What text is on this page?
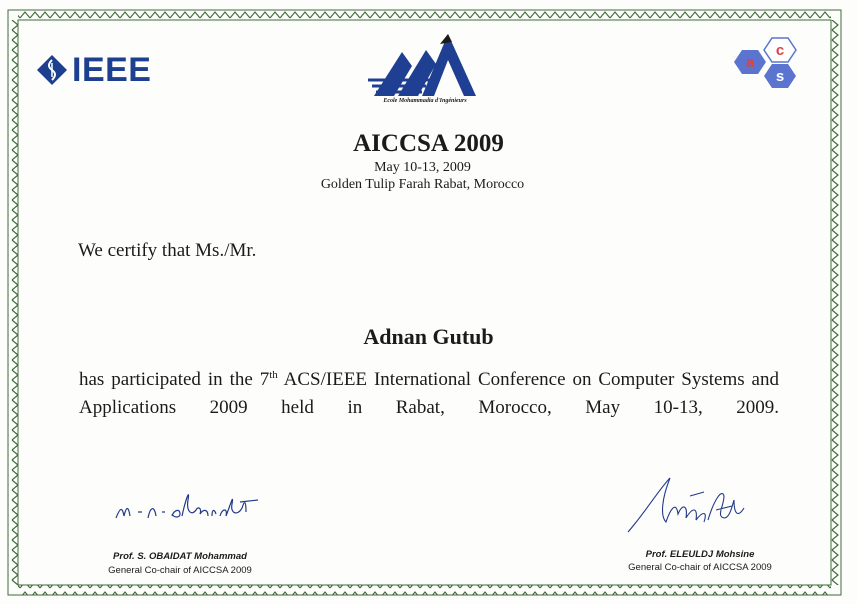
IEEE
Ecole Mohammadia d'Ingénieurs
a
c
s
AICCSA 2009
May 10-13, 2009
Golden Tulip Farah Rabat, Morocco
We certify that Ms./Mr.
Adnan Gutub
has participated in the 7th ACS/IEEE International Conference on Computer Systems and Applications 2009 held in Rabat, Morocco, May 10-13, 2009.
Prof. S. OBAIDAT Mohammad
General Co-chair of AICCSA 2009
Prof. ELEULDJ Mohsine
General Co-chair of AICCSA 2009
